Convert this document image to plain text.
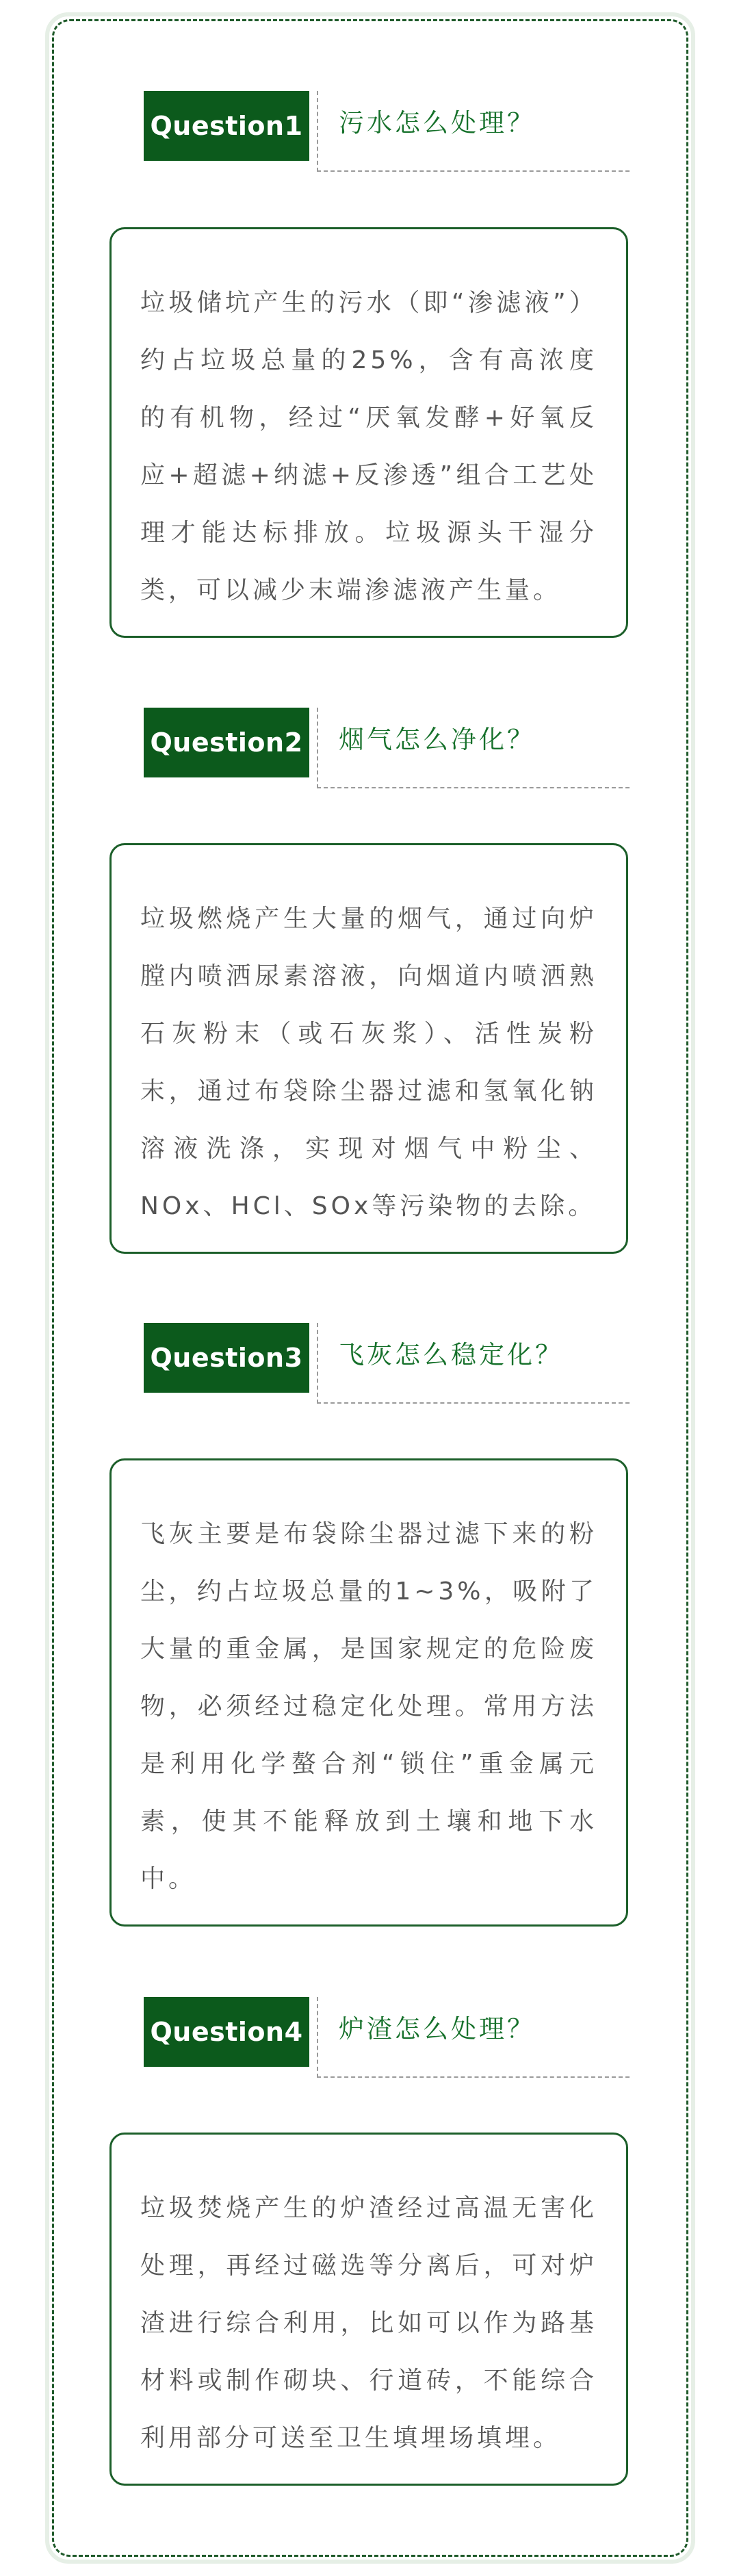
Question1 污水怎么处理？

垃圾储坑产生的污水（即“渗滤液”）约占垃圾总量的25%，含有高浓度的有机物，经过“厌氧发酵+好氧反应+超滤+纳滤+反渗透”组合工艺处理才能达标排放。垃圾源头干湿分类，可以减少末端渗滤液产生量。

Question2 烟气怎么净化？

垃圾燃烧产生大量的烟气，通过向炉膛内喷洒尿素溶液，向烟道内喷洒熟石灰粉末（或石灰浆）、活性炭粉末，通过布袋除尘器过滤和氢氧化钠溶液洗涤，实现对烟气中粉尘、NOx、HCl、SOx等污染物的去除。

Question3 飞灰怎么稳定化？

飞灰主要是布袋除尘器过滤下来的粉尘，约占垃圾总量的1~3%，吸附了大量的重金属，是国家规定的危险废物，必须经过稳定化处理。常用方法是利用化学螯合剂“锁住”重金属元素，使其不能释放到土壤和地下水中。

Question4 炉渣怎么处理？

垃圾焚烧产生的炉渣经过高温无害化处理，再经过磁选等分离后，可对炉渣进行综合利用，比如可以作为路基材料或制作砌块、行道砖，不能综合利用部分可送至卫生填埋场填埋。
